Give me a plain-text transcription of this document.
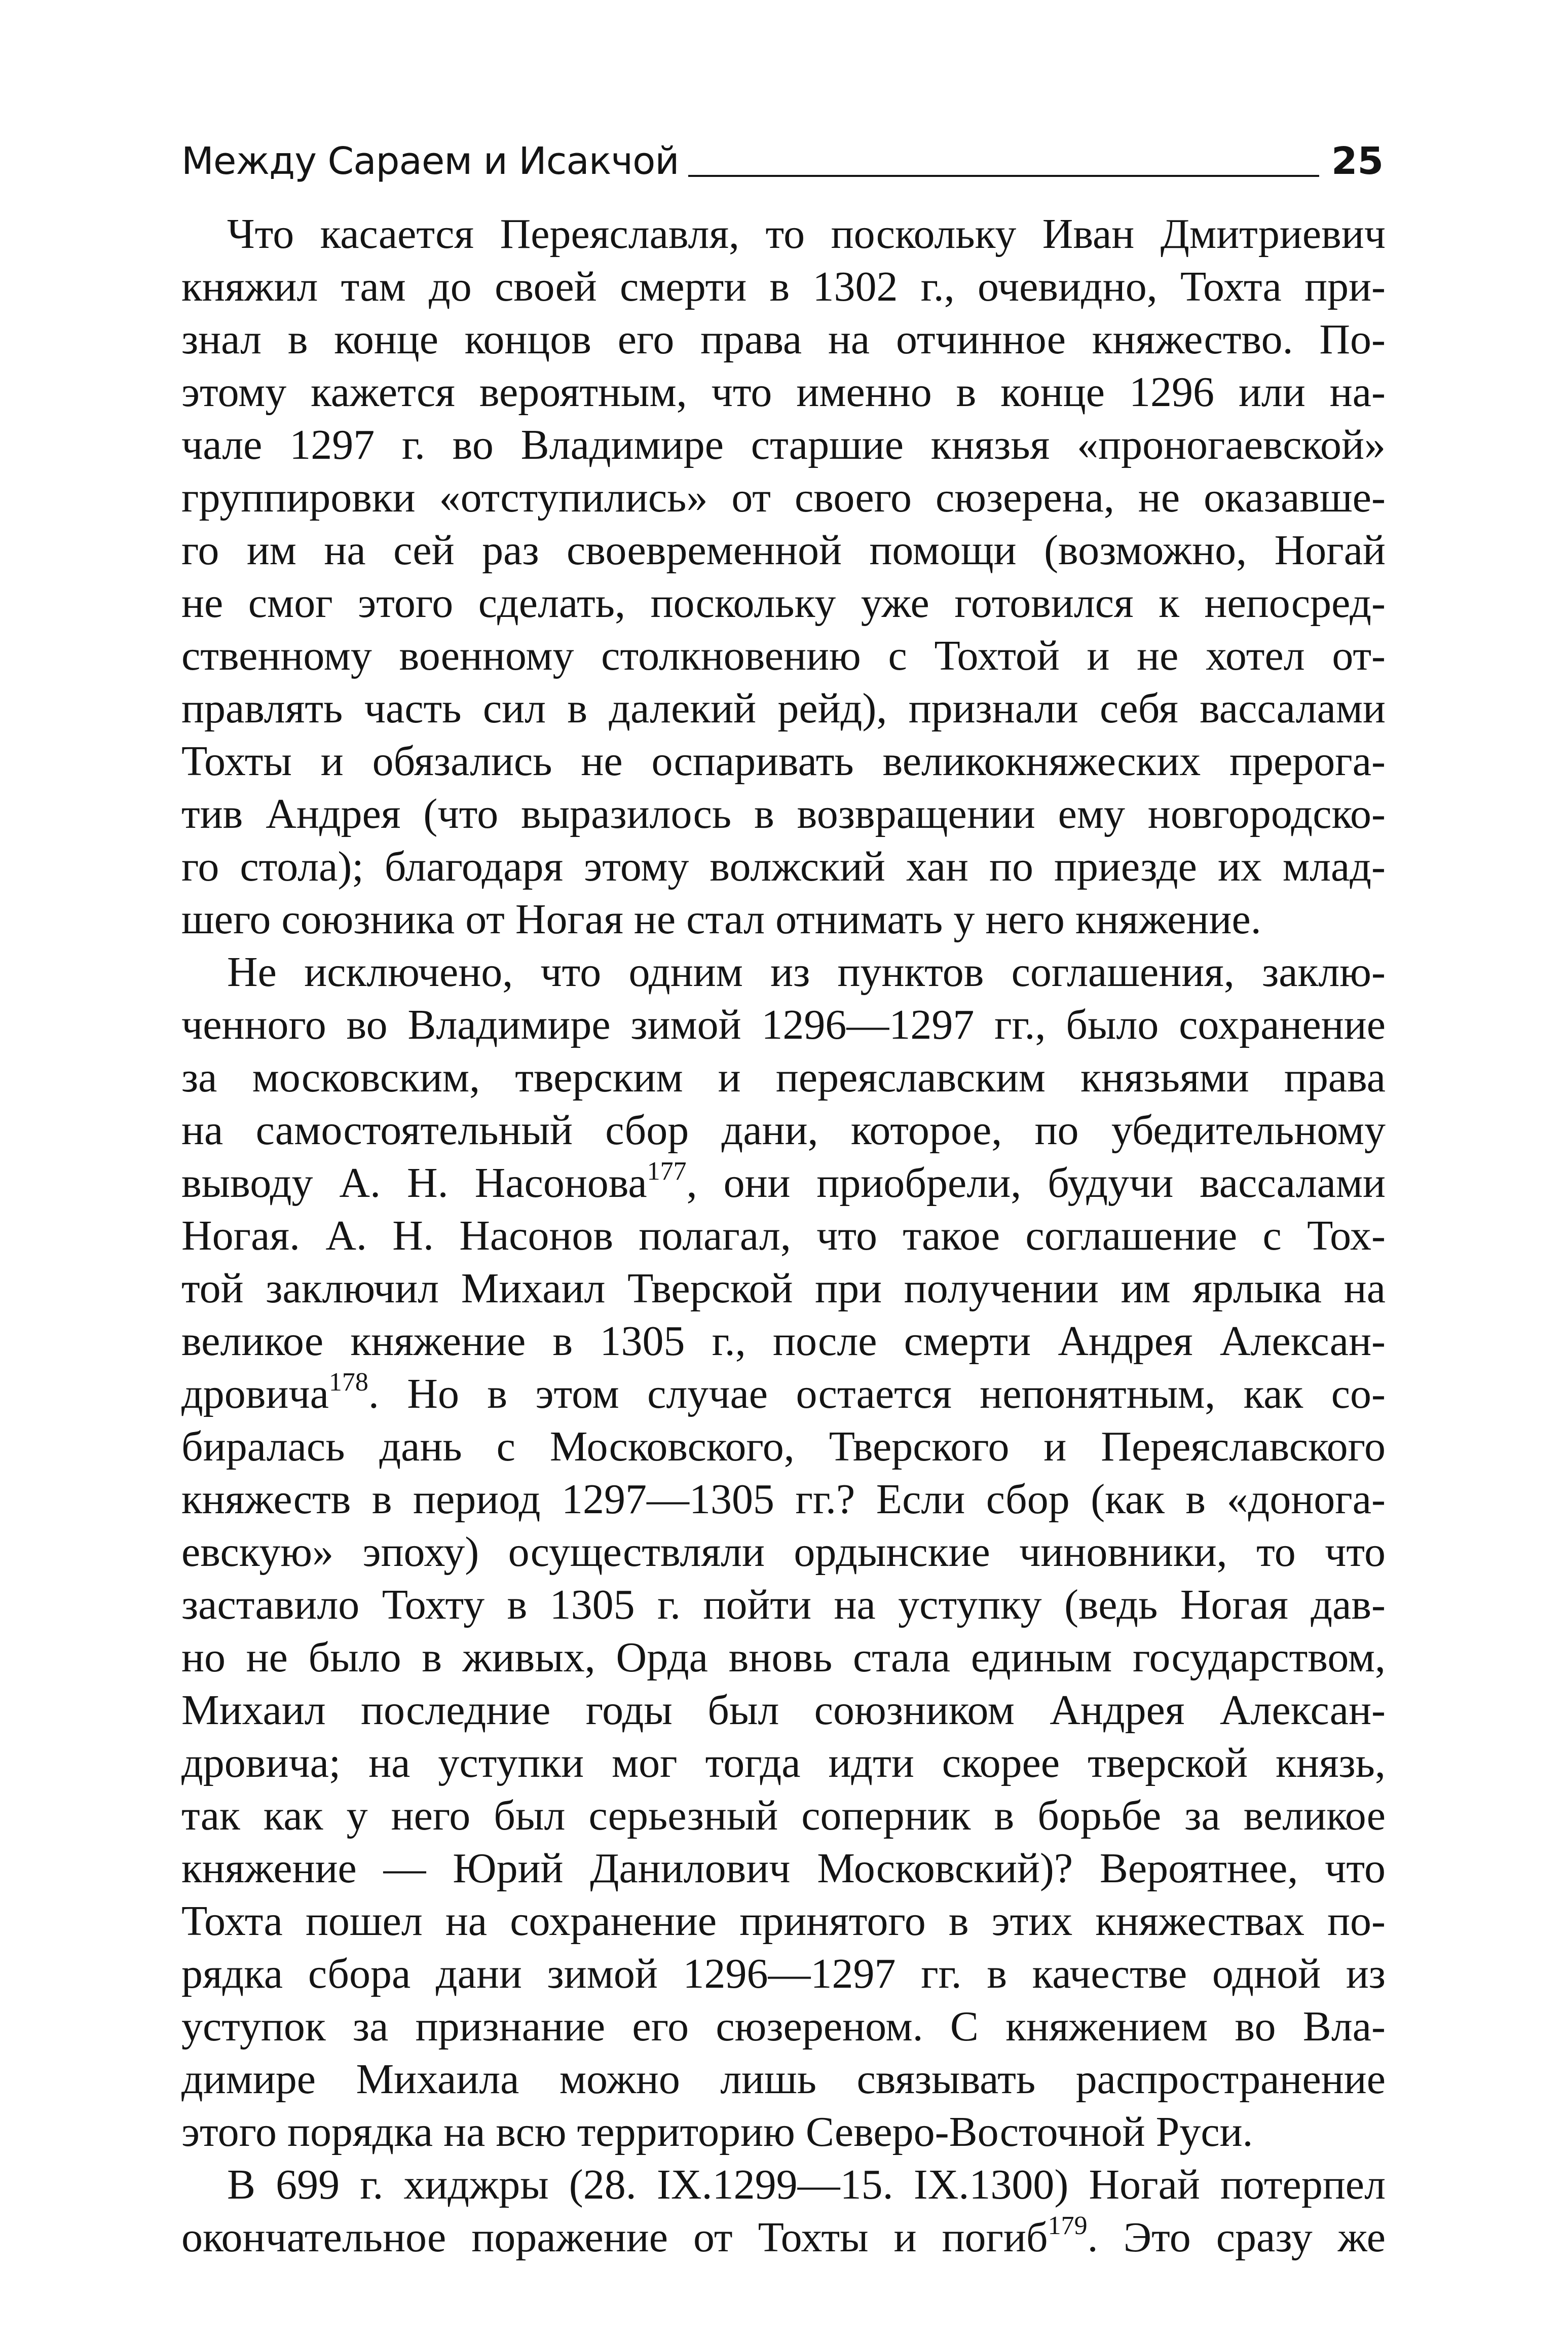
Между Сараем и Исакчой	25

Что касается Переяславля, то поскольку Иван Дмитриевич
княжил там до своей смерти в 1302 г., очевидно, Тохта при-
знал в конце концов его права на отчинное княжество. По-
этому кажется вероятным, что именно в конце 1296 или на-
чале 1297 г. во Владимире старшие князья «проногаевской»
группировки «отступились» от своего сюзерена, не оказавше-
го им на сей раз своевременной помощи (возможно, Ногай
не смог этого сделать, поскольку уже готовился к непосред-
ственному военному столкновению с Тохтой и не хотел от-
правлять часть сил в далекий рейд), признали себя вассалами
Тохты и обязались не оспаривать великокняжеских прерога-
тив Андрея (что выразилось в возвращении ему новгородско-
го стола); благодаря этому волжский хан по приезде их млад-
шего союзника от Ногая не стал отнимать у него княжение.

Не исключено, что одним из пунктов соглашения, заклю-
ченного во Владимире зимой 1296—1297 гг., было сохранение
за московским, тверским и переяславским князьями права
на самостоятельный сбор дани, которое, по убедительному
выводу А. Н. Насонова$^{177}$, они приобрели, будучи вассалами
Ногая. А. Н. Насонов полагал, что такое соглашение с Тох-
той заключил Михаил Тверской при получении им ярлыка на
великое княжение в 1305 г., после смерти Андрея Алексан-
дровича$^{178}$. Но в этом случае остается непонятным, как со-
биралась дань с Московского, Тверского и Переяславского
княжеств в период 1297—1305 гг.? Если сбор (как в «донога-
евскую» эпоху) осуществляли ордынские чиновники, то что
заставило Тохту в 1305 г. пойти на уступку (ведь Ногая дав-
но не было в живых, Орда вновь стала единым государством,
Михаил последние годы был союзником Андрея Алексан-
дровича; на уступки мог тогда идти скорее тверской князь,
так как у него был серьезный соперник в борьбе за великое
княжение — Юрий Данилович Московский)? Вероятнее, что
Тохта пошел на сохранение принятого в этих княжествах по-
рядка сбора дани зимой 1296—1297 гг. в качестве одной из
уступок за признание его сюзереном. С княжением во Вла-
димире Михаила можно лишь связывать распространение
этого порядка на всю территорию Северо-Восточной Руси.

В 699 г. хиджры (28. IX.1299—15. IX.1300) Ногай потерпел
окончательное поражение от Тохты и погиб$^{179}$. Это сразу же
